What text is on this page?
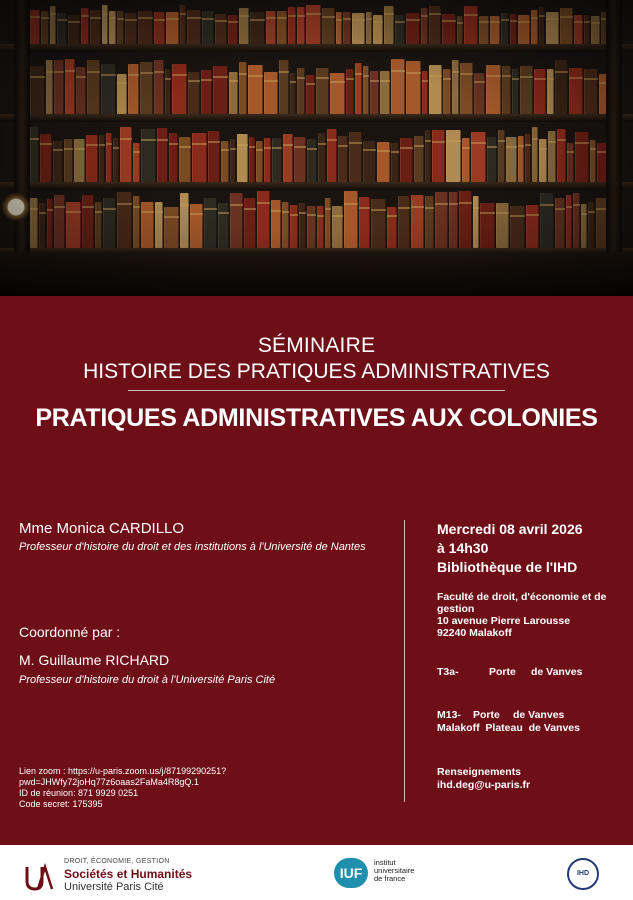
SÉMINAIRE
HISTOIRE DES PRATIQUES ADMINISTRATIVES
PRATIQUES ADMINISTRATIVES AUX COLONIES
Mme Monica CARDILLO
Professeur d'histoire du droit et des institutions à l'Université de Nantes
Coordonné par :
M. Guillaume RICHARD
Professeur d'histoire du droit à l'Université Paris Cité
Lien zoom : https://u-paris.zoom.us/j/87199290251?
pwd=JHWfy72joHq77z6oaas2FaMa4R8gQ.1
ID de réunion: 871 9929 0251
Code secret: 175395
Mercredi 08 avril 2026
à 14h30
Bibliothèque de l'IHD
Faculté de droit, d'économie et de gestion
10 avenue Pierre Larousse
92240 Malakoff
T3a-	Porte de Vanves
M13- Porte de Vanves
Malakoff  Plateau  de Vanves
Renseignements
ihd.deg@u-paris.fr
DROIT, ÉCONOMIE, GESTION
Sociétés et Humanités
Université Paris Cité
IUF
institut
universitaire
de france
IHD
